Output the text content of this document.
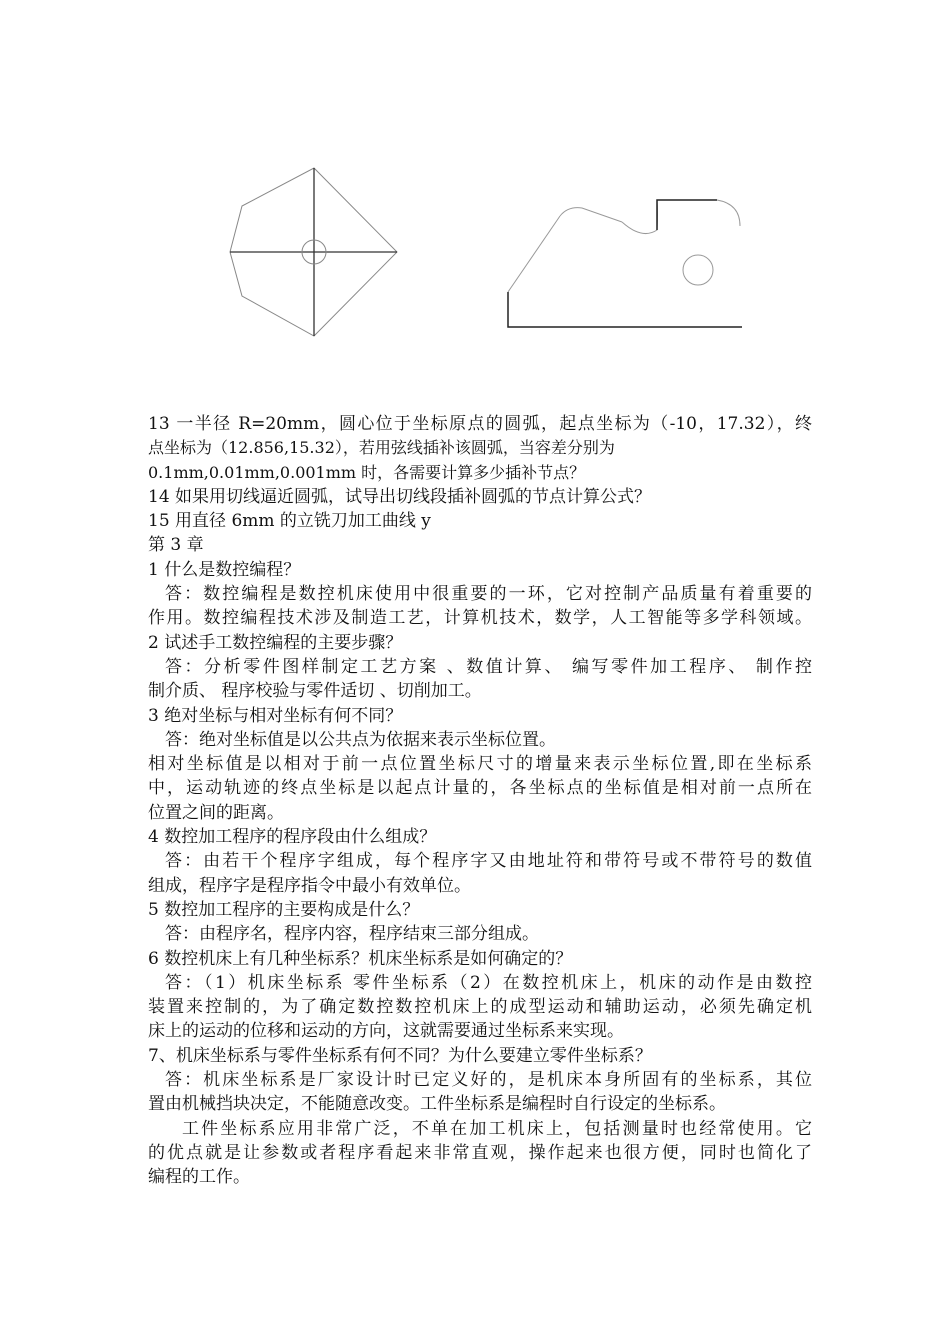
13 一半径 R=20mm，圆心位于坐标原点的圆弧，起点坐标为（-10，17.32），终
点坐标为（12.856,15.32），若用弦线插补该圆弧，当容差分别为
0.1mm,0.01mm,0.001mm 时，各需要计算多少插补节点？
14 如果用切线逼近圆弧，试导出切线段插补圆弧的节点计算公式？
15 用直径 6mm 的立铣刀加工曲线 y
第 3 章
1 什么是数控编程？
答：数控编程是数控机床使用中很重要的一环，它对控制产品质量有着重要的
作用。数控编程技术涉及制造工艺，计算机技术，数学，人工智能等多学科领域。
2 试述手工数控编程的主要步骤？
答：分析零件图样制定工艺方案 、数值计算、 编写零件加工程序、 制作控
制介质、 程序校验与零件适切 、切削加工。
3 绝对坐标与相对坐标有何不同？
答：绝对坐标值是以公共点为依据来表示坐标位置。
相对坐标值是以相对于前一点位置坐标尺寸的增量来表示坐标位置,即在坐标系
中，运动轨迹的终点坐标是以起点计量的，各坐标点的坐标值是相对前一点所在
位置之间的距离。
4 数控加工程序的程序段由什么组成？
答：由若干个程序字组成，每个程序字又由地址符和带符号或不带符号的数值
组成，程序字是程序指令中最小有效单位。
5 数控加工程序的主要构成是什么？
答：由程序名，程序内容，程序结束三部分组成。
6 数控机床上有几种坐标系？机床坐标系是如何确定的？
答：（1）机床坐标系 零件坐标系（2）在数控机床上，机床的动作是由数控
装置来控制的，为了确定数控数控机床上的成型运动和辅助运动，必须先确定机
床上的运动的位移和运动的方向，这就需要通过坐标系来实现。
7、机床坐标系与零件坐标系有何不同？为什么要建立零件坐标系？
答：机床坐标系是厂家设计时已定义好的，是机床本身所固有的坐标系，其位
置由机械挡块决定，不能随意改变。工件坐标系是编程时自行设定的坐标系。
工件坐标系应用非常广泛，不单在加工机床上，包括测量时也经常使用。它
的优点就是让参数或者程序看起来非常直观，操作起来也很方便，同时也简化了
编程的工作。
